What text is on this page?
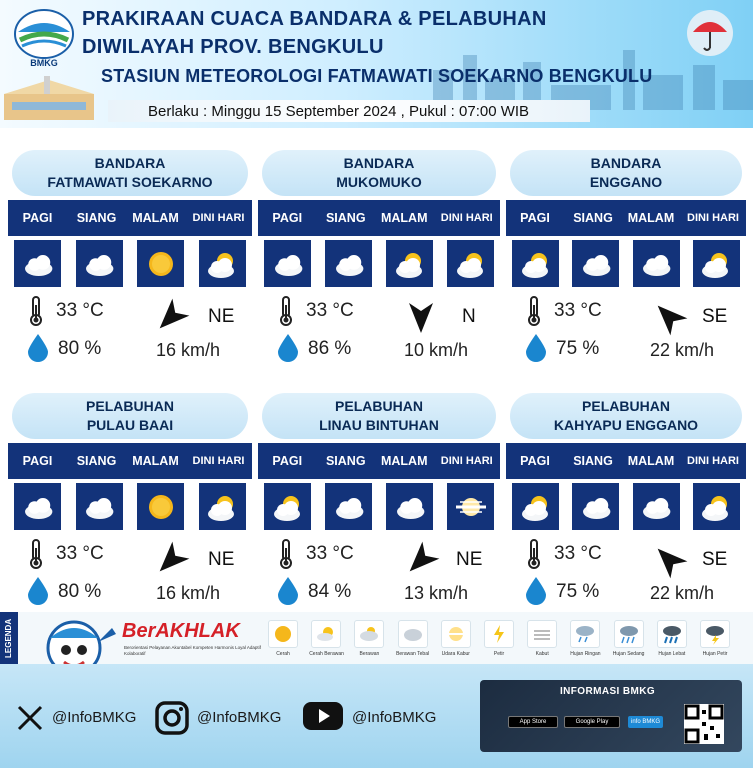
BMKG
PRAKIRAAN CUACA BANDARA & PELABUHAN
DIWILAYAH PROV. BENGKULU
STASIUN METEOROLOGI FATMAWATI SOEKARNO BENGKULU
Berlaku : Minggu 15 September 2024 , Pukul : 07:00 WIB
BANDARA
FATMAWATI SOEKARNO
PAGI	SIANG	MALAM	DINI HARI
33 °C
80 %
NE
16 km/h
BANDARA
MUKOMUKO
PAGI	SIANG	MALAM	DINI HARI
33 °C
86 %
N
10 km/h
BANDARA
ENGGANO
PAGI	SIANG	MALAM	DINI HARI
33 °C
75 %
SE
22 km/h
PELABUHAN
PULAU BAAI
PAGI	SIANG	MALAM	DINI HARI
33 °C
80 %
NE
16 km/h
PELABUHAN
LINAU BINTUHAN
PAGI	SIANG	MALAM	DINI HARI
33 °C
84 %
NE
13 km/h
PELABUHAN
KAHYAPU ENGGANO
PAGI	SIANG	MALAM	DINI HARI
33 °C
75 %
SE
22 km/h
LEGENDA	BerAKHLAK
Berorientasi Pelayanan Akuntabel Kompeten Harmonis Loyal Adaptif Kolaboratif	Cerah	Cerah Berawan	Berawan	Berawan Tebal	Udara Kabur	Petir	Kabut	Hujan Ringan	Hujan Sedang	Hujan Lebat	Hujan Petir
@InfoBMKG	@InfoBMKG	@InfoBMKG
INFORMASI BMKG
App Store	Google Play	info BMKG
